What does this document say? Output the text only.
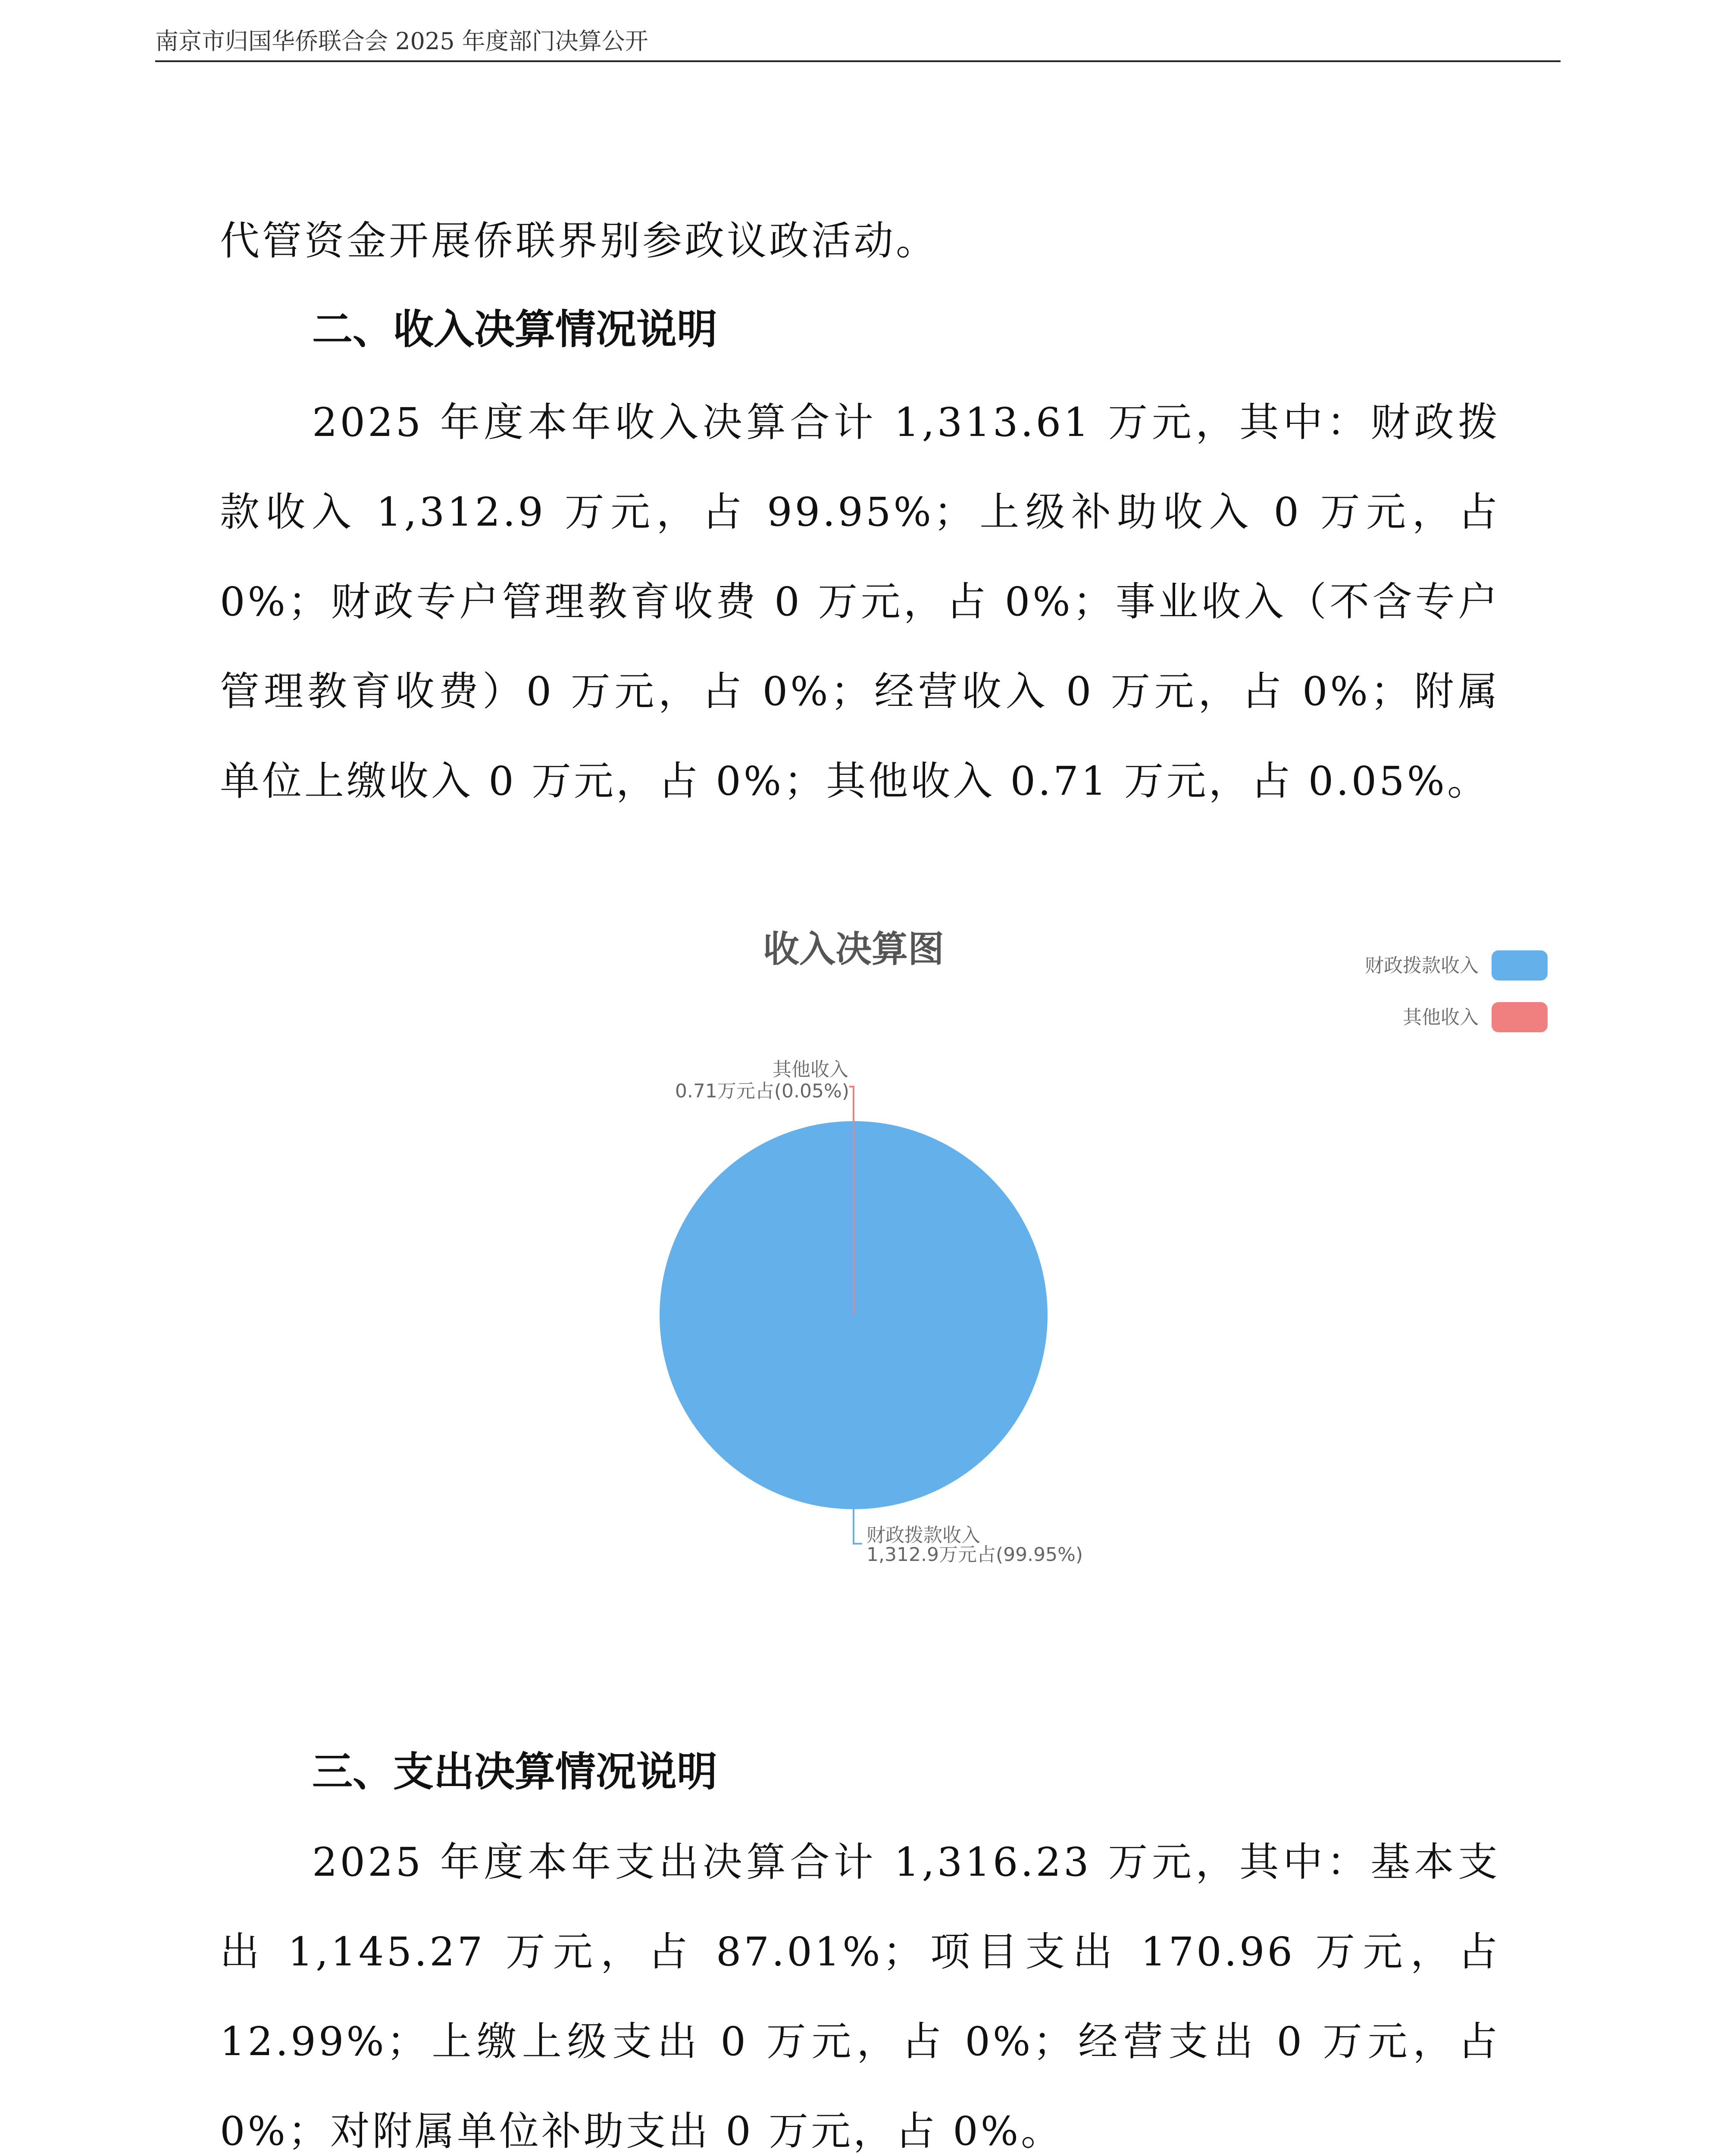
南京市归国华侨联合会 2025 年度部门决算公开

代管资金开展侨联界别参政议政活动。

二、收入决算情况说明

2025 年度本年收入决算合计 1,313.61 万元，其中：财政拨款收入 1,312.9 万元，占 99.95%；上级补助收入 0 万元，占 0%；财政专户管理教育收费 0 万元，占 0%；事业收入（不含专户管理教育收费）0 万元，占 0%；经营收入 0 万元，占 0%；附属单位上缴收入 0 万元，占 0%；其他收入 0.71 万元，占 0.05%。

收入决算图	财政拨款收入
其他收入
其他收入
0.71万元占(0.05%)
财政拨款收入
1,312.9万元占(99.95%)
三、支出决算情况说明

2025 年度本年支出决算合计 1,316.23 万元，其中：基本支出 1,145.27 万元，占 87.01%；项目支出 170.96 万元，占 12.99%；上缴上级支出 0 万元，占 0%；经营支出 0 万元，占 0%；对附属单位补助支出 0 万元，占 0%。
